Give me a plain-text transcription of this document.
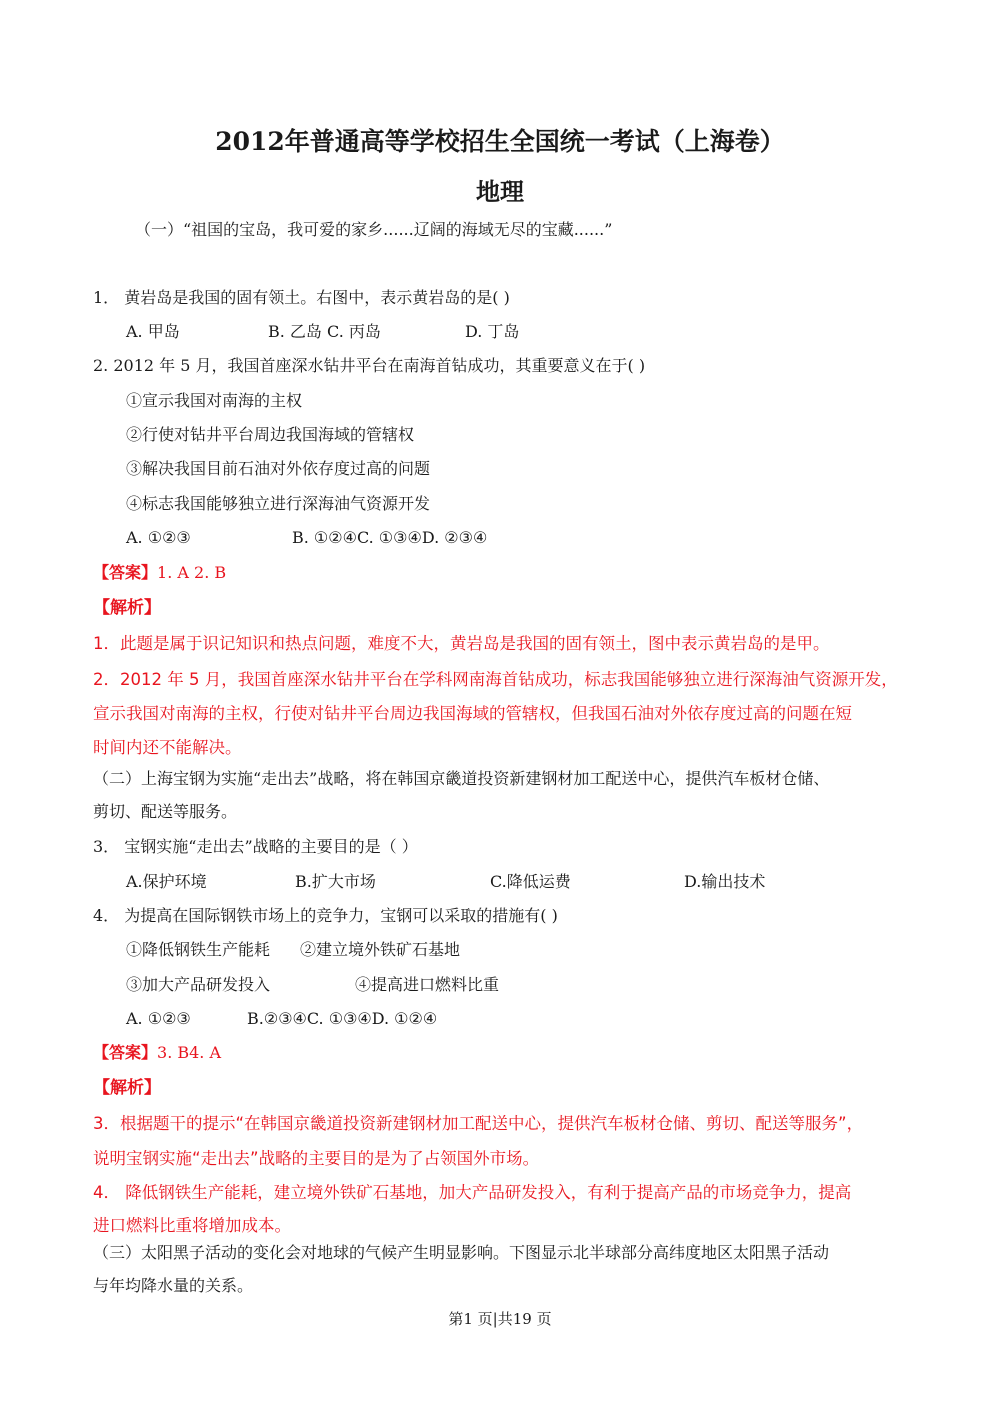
2012年普通高等学校招生全国统一考试（上海卷）
地理
（一）“祖国的宝岛，我可爱的家乡......辽阔的海域无尽的宝藏......”
1． 黄岩岛是我国的固有领土。右图中，表示黄岩岛的是( )
A. 甲岛	B. 乙岛 C. 丙岛	D. 丁岛
2. 2012 年 5 月，我国首座深水钻井平台在南海首钻成功，其重要意义在于( )
①宣示我国对南海的主权
②行使对钻井平台周边我国海域的管辖权
③解决我国目前石油对外依存度过高的问题
④标志我国能够独立进行深海油气资源开发
A. ①②③	B. ①②④C. ①③④D. ②③④
【答案】1. A 2. B
【解析】
1．此题是属于识记知识和热点问题，难度不大，黄岩岛是我国的固有领土，图中表示黄岩岛的是甲。
2．2012 年 5 月，我国首座深水钻井平台在学科网南海首钻成功，标志我国能够独立进行深海油气资源开发，
宣示我国对南海的主权，行使对钻井平台周边我国海域的管辖权，但我国石油对外依存度过高的问题在短
时间内还不能解决。
（二）上海宝钢为实施“走出去”战略，将在韩国京畿道投资新建钢材加工配送中心，提供汽车板材仓储、
剪切、配送等服务。
3． 宝钢实施“走出去”战略的主要目的是（ ）
A.保护环境	B.扩大市场	C.降低运费	D.输出技术
4． 为提高在国际钢铁市场上的竞争力，宝钢可以采取的措施有( )
①降低钢铁生产能耗 ②建立境外铁矿石基地
③加大产品研发投入	④提高进口燃料比重
A. ①②③	B.②③④C. ①③④D. ①②④
【答案】3. B4. A
【解析】
3．根据题干的提示“在韩国京畿道投资新建钢材加工配送中心，提供汽车板材仓储、剪切、配送等服务”，
说明宝钢实施“走出去”战略的主要目的是为了占领国外市场。
4． 降低钢铁生产能耗，建立境外铁矿石基地，加大产品研发投入，有利于提高产品的市场竞争力，提高
进口燃料比重将增加成本。
（三）太阳黑子活动的变化会对地球的气候产生明显影响。下图显示北半球部分高纬度地区太阳黑子活动
与年均降水量的关系。
第1 页|共19 页
